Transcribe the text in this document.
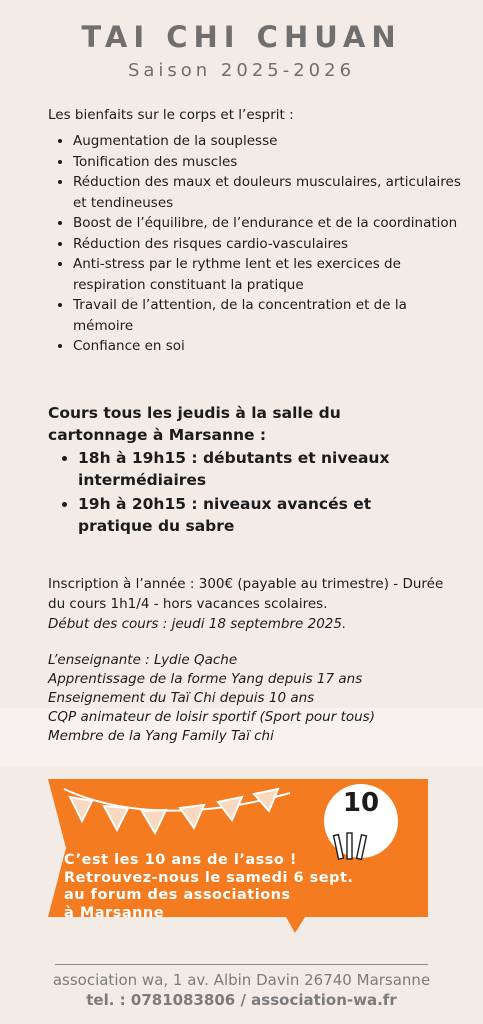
TAI CHI CHUAN
Saison 2025-2026
Les bienfaits sur le corps et l’esprit :
• Augmentation de la souplesse
• Tonification des muscles
• Réduction des maux et douleurs musculaires, articulaires et tendineuses
• Boost de l’équilibre, de l’endurance et de la coordination
• Réduction des risques cardio-vasculaires
• Anti-stress par le rythme lent et les exercices de respiration constituant la pratique
• Travail de l’attention, de la concentration et de la mémoire
• Confiance en soi
Cours tous les jeudis à la salle du cartonnage à Marsanne :
• 18h à 19h15 : débutants et niveaux intermédiaires
• 19h à 20h15 : niveaux avancés et pratique du sabre
Inscription à l’année : 300€ (payable au trimestre) - Durée du cours 1h1/4 - hors vacances scolaires.
Début des cours : jeudi 18 septembre 2025.
L’enseignante : Lydie Qache
Apprentissage de la forme Yang depuis 17 ans
Enseignement du Taï Chi depuis 10 ans
CQP animateur de loisir sportif (Sport pour tous)
Membre de la Yang Family Taï chi
10
C’est les 10 ans de l’asso !
Retrouvez-nous le samedi 6 sept.
au forum des associations
à Marsanne
association wa, 1 av. Albin Davin 26740 Marsanne
tel. : 0781083806 / association-wa.fr
